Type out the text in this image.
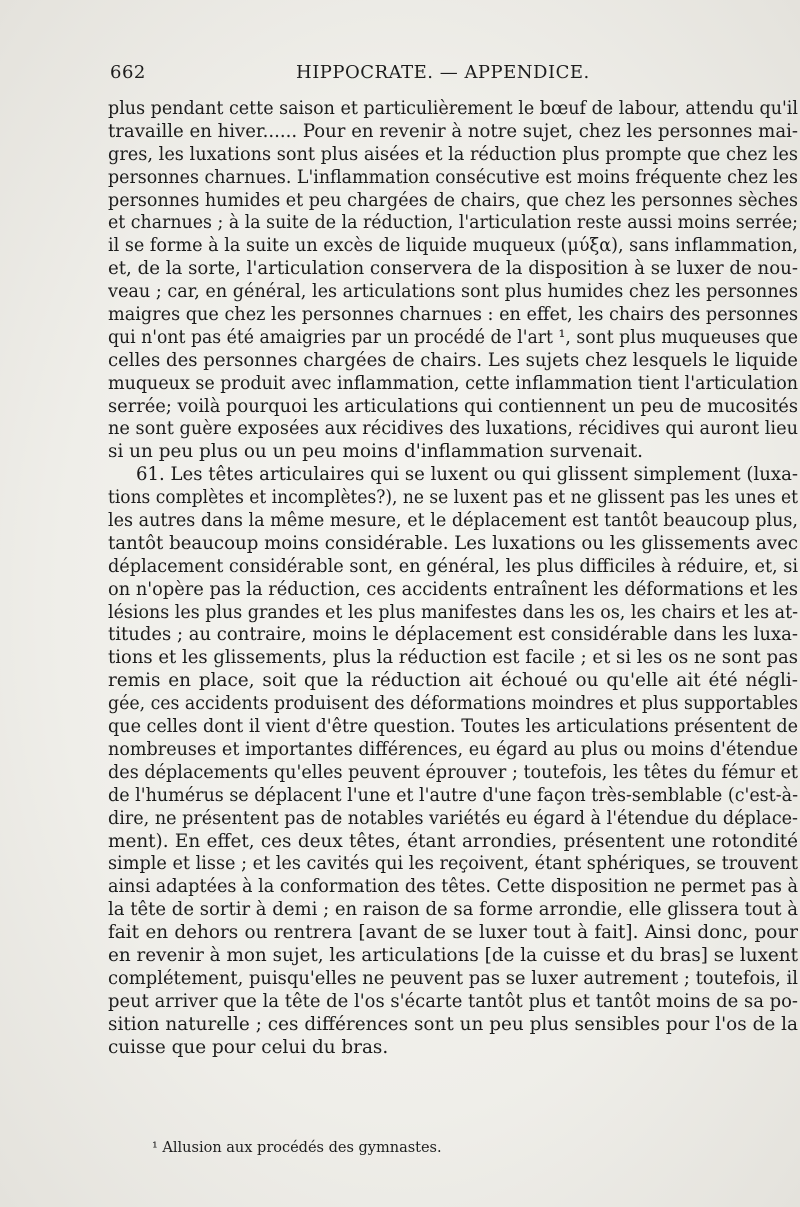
662	HIPPOCRATE. — APPENDICE.
plus pendant cette saison et particulièrement le bœuf de labour, attendu qu'il
travaille en hiver...... Pour en revenir à notre sujet, chez les personnes mai-
gres, les luxations sont plus aisées et la réduction plus prompte que chez les
personnes charnues. L'inflammation consécutive est moins fréquente chez les
personnes humides et peu chargées de chairs, que chez les personnes sèches
et charnues ; à la suite de la réduction, l'articulation reste aussi moins serrée;
il se forme à la suite un excès de liquide muqueux (μύξα), sans inflammation,
et, de la sorte, l'articulation conservera de la disposition à se luxer de nou-
veau ; car, en général, les articulations sont plus humides chez les personnes
maigres que chez les personnes charnues : en effet, les chairs des personnes
qui n'ont pas été amaigries par un procédé de l'art ¹, sont plus muqueuses que
celles des personnes chargées de chairs. Les sujets chez lesquels le liquide
muqueux se produit avec inflammation, cette inflammation tient l'articulation
serrée; voilà pourquoi les articulations qui contiennent un peu de mucosités
ne sont guère exposées aux récidives des luxations, récidives qui auront lieu
si un peu plus ou un peu moins d'inflammation survenait.
61. Les têtes articulaires qui se luxent ou qui glissent simplement (luxa-
tions complètes et incomplètes?), ne se luxent pas et ne glissent pas les unes et
les autres dans la même mesure, et le déplacement est tantôt beaucoup plus,
tantôt beaucoup moins considérable. Les luxations ou les glissements avec
déplacement considérable sont, en général, les plus difficiles à réduire, et, si
on n'opère pas la réduction, ces accidents entraînent les déformations et les
lésions les plus grandes et les plus manifestes dans les os, les chairs et les at-
titudes ; au contraire, moins le déplacement est considérable dans les luxa-
tions et les glissements, plus la réduction est facile ; et si les os ne sont pas
remis en place, soit que la réduction ait échoué ou qu'elle ait été négli-
gée, ces accidents produisent des déformations moindres et plus supportables
que celles dont il vient d'être question. Toutes les articulations présentent de
nombreuses et importantes différences, eu égard au plus ou moins d'étendue
des déplacements qu'elles peuvent éprouver ; toutefois, les têtes du fémur et
de l'humérus se déplacent l'une et l'autre d'une façon très-semblable (c'est-à-
dire, ne présentent pas de notables variétés eu égard à l'étendue du déplace-
ment). En effet, ces deux têtes, étant arrondies, présentent une rotondité
simple et lisse ; et les cavités qui les reçoivent, étant sphériques, se trouvent
ainsi adaptées à la conformation des têtes. Cette disposition ne permet pas à
la tête de sortir à demi ; en raison de sa forme arrondie, elle glissera tout à
fait en dehors ou rentrera [avant de se luxer tout à fait]. Ainsi donc, pour
en revenir à mon sujet, les articulations [de la cuisse et du bras] se luxent
complétement, puisqu'elles ne peuvent pas se luxer autrement ; toutefois, il
peut arriver que la tête de l'os s'écarte tantôt plus et tantôt moins de sa po-
sition naturelle ; ces différences sont un peu plus sensibles pour l'os de la
cuisse que pour celui du bras.
¹ Allusion aux procédés des gymnastes.
